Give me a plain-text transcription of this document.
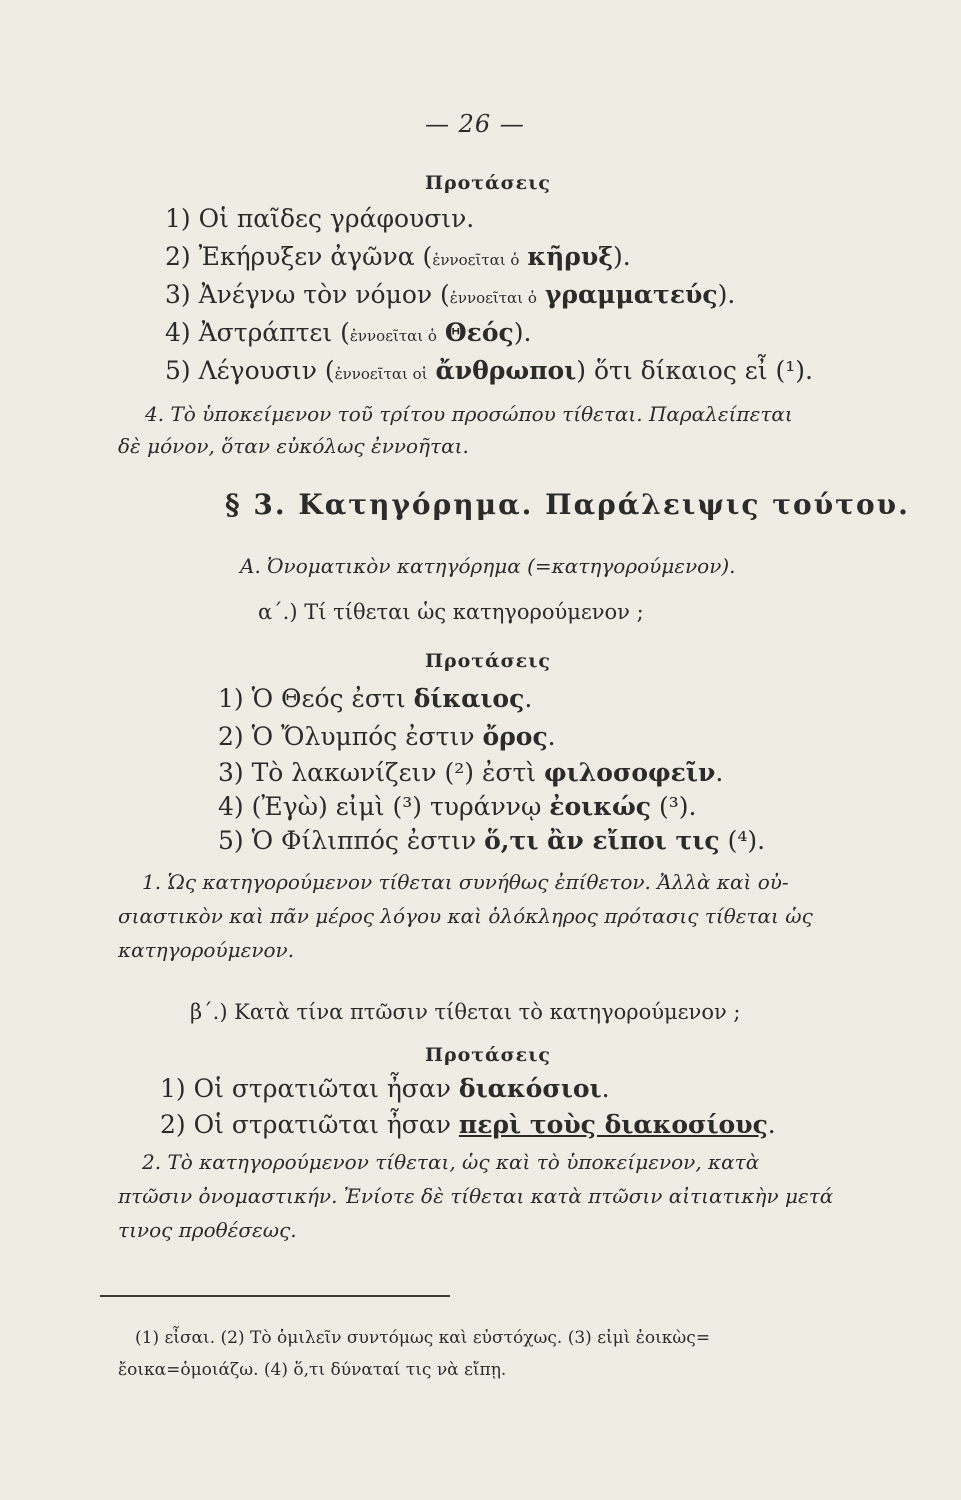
— 26 —
Προτάσεις
1) Οἱ παῖδες γράφουσιν.
2) Ἐκήρυξεν ἀγῶνα (ἐννοεῖται ὁ κῆρυξ).
3) Ἀνέγνω τὸν νόμον (ἐννοεῖται ὁ γραμματεύς).
4) Ἀστράπτει (ἐννοεῖται ὁ Θεός).
5) Λέγουσιν (ἐννοεῖται οἱ ἄνθρωποι) ὅτι δίκαιος εἶ (¹).
4. Τὸ ὑποκείμενον τοῦ τρίτου προσώπου τίθεται. Παραλείπεται
δὲ μόνον, ὅταν εὐκόλως ἐννοῆται.
§ 3. Κατηγόρημα. Παράλειψις τούτου.
Α. Ὀνοματικὸν κατηγόρημα (=κατηγορούμενον).
α΄.) Τί τίθεται ὡς κατηγορούμενον ;
Προτάσεις
1) Ὁ Θεός ἐστι δίκαιος.
2) Ὁ Ὄλυμπός ἐστιν ὄρος.
3) Τὸ λακωνίζειν (²) ἐστὶ φιλοσοφεῖν.
4) (Ἐγὼ) εἰμὶ (³) τυράννῳ ἐοικώς (³).
5) Ὁ Φίλιππός ἐστιν ὅ,τι ἂν εἴποι τις (⁴).
1. Ὡς κατηγορούμενον τίθεται συνήθως ἐπίθετον. Ἀλλὰ καὶ οὐ-
σιαστικὸν καὶ πᾶν μέρος λόγου καὶ ὁλόκληρος πρότασις τίθεται ὡς
κατηγορούμενον.
β΄.) Κατὰ τίνα πτῶσιν τίθεται τὸ κατηγορούμενον ;
Προτάσεις
1) Οἱ στρατιῶται ἦσαν διακόσιοι.
2) Οἱ στρατιῶται ἦσαν περὶ τοὺς διακοσίους.
2. Τὸ κατηγορούμενον τίθεται, ὡς καὶ τὸ ὑποκείμενον, κατὰ
πτῶσιν ὀνομαστικήν. Ἐνίοτε δὲ τίθεται κατὰ πτῶσιν αἰτιατικὴν μετά
τινος προθέσεως.
(1) εἶσαι. (2) Τὸ ὁμιλεῖν συντόμως καὶ εὐστόχως. (3) εἰμὶ ἐοικὼς=
ἔοικα=ὁμοιάζω. (4) ὅ,τι δύναταί τις νὰ εἴπῃ.
